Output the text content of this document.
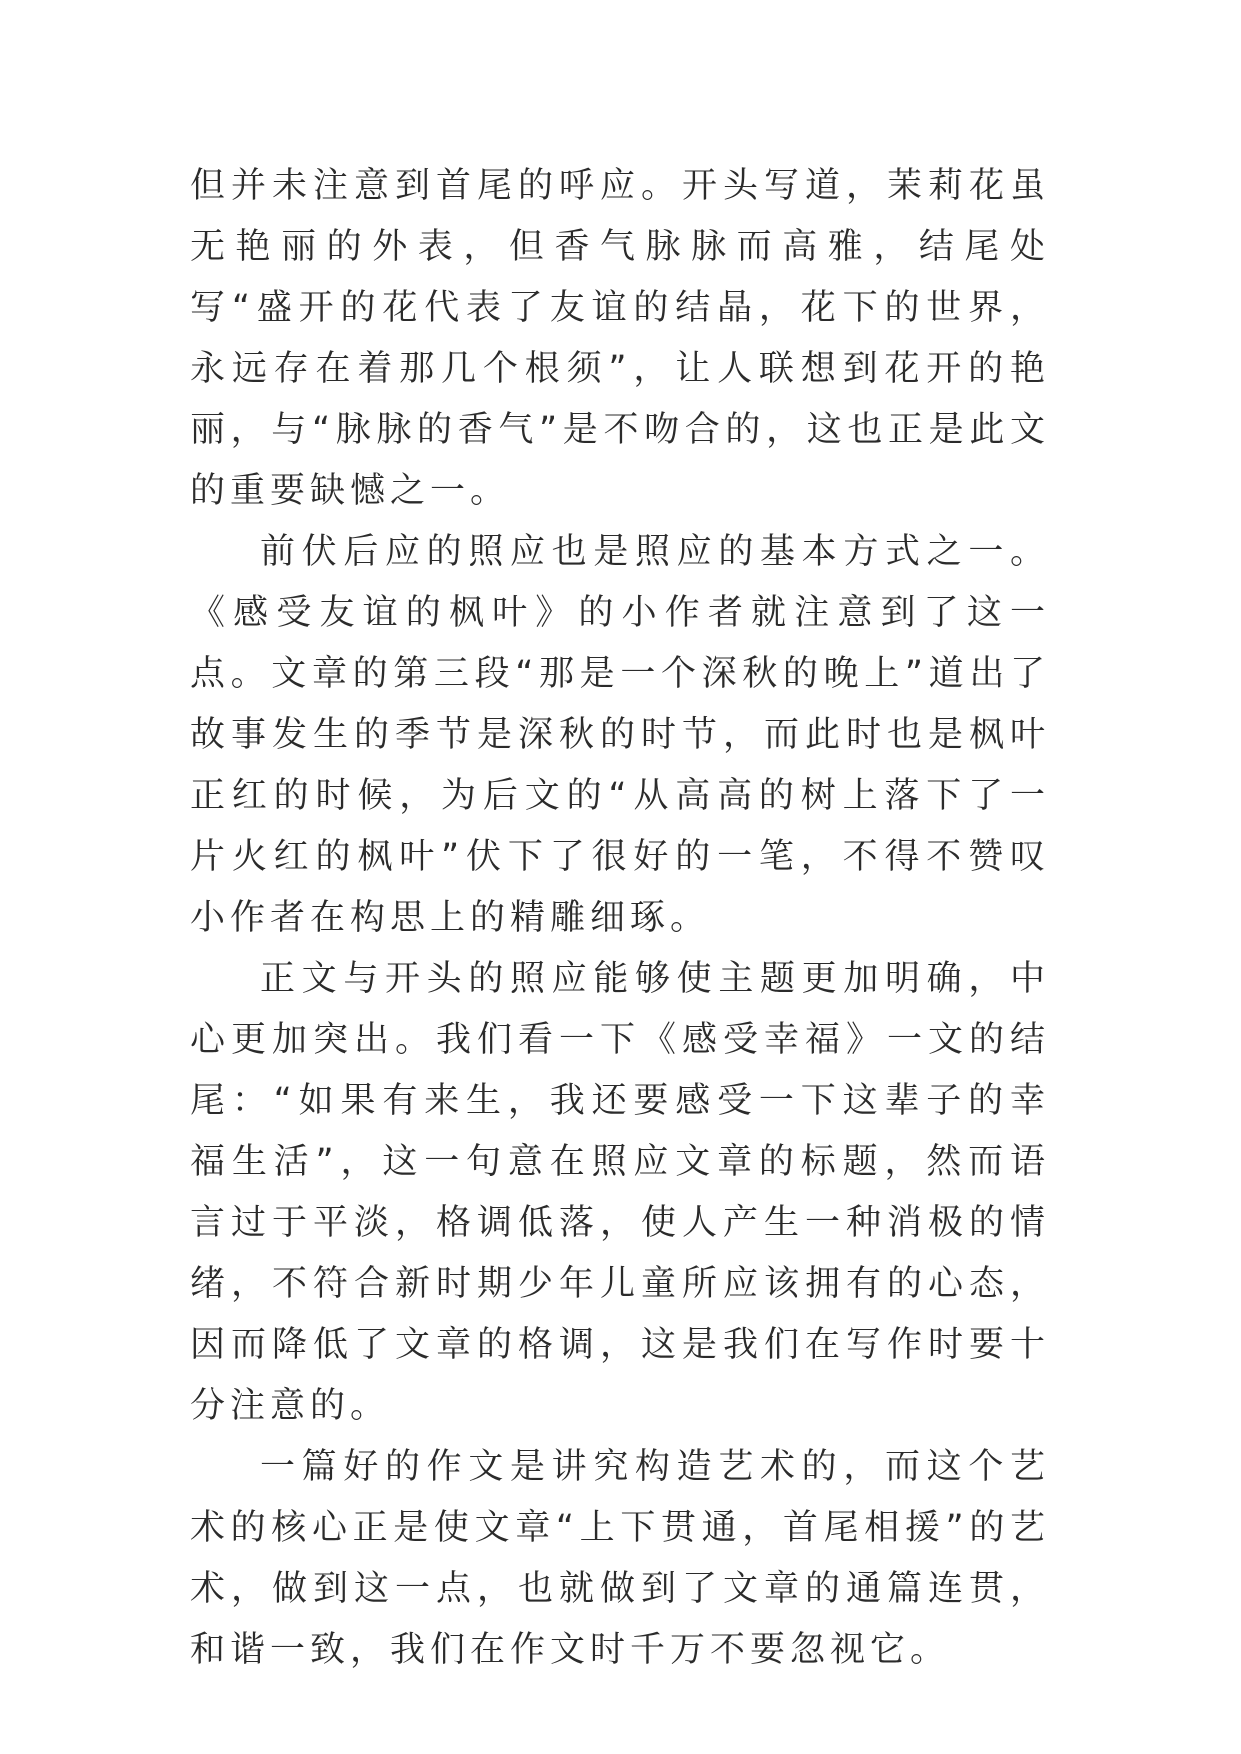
但并未注意到首尾的呼应。开头写道，茉莉花虽无艳丽的外表，但香气脉脉而高雅，结尾处写“盛开的花代表了友谊的结晶，花下的世界，永远存在着那几个根须”，让人联想到花开的艳丽，与“脉脉的香气”是不吻合的，这也正是此文的重要缺憾之一。

前伏后应的照应也是照应的基本方式之一。《感受友谊的枫叶》的小作者就注意到了这一点。文章的第三段“那是一个深秋的晚上”道出了故事发生的季节是深秋的时节，而此时也是枫叶正红的时候，为后文的“从高高的树上落下了一片火红的枫叶”伏下了很好的一笔，不得不赞叹小作者在构思上的精雕细琢。

正文与开头的照应能够使主题更加明确，中心更加突出。我们看一下《感受幸福》一文的结尾：“如果有来生，我还要感受一下这辈子的幸福生活”，这一句意在照应文章的标题，然而语言过于平淡，格调低落，使人产生一种消极的情绪，不符合新时期少年儿童所应该拥有的心态，因而降低了文章的格调，这是我们在写作时要十分注意的。

一篇好的作文是讲究构造艺术的，而这个艺术的核心正是使文章“上下贯通，首尾相援”的艺术，做到这一点，也就做到了文章的通篇连贯，和谐一致，我们在作文时千万不要忽视它。
